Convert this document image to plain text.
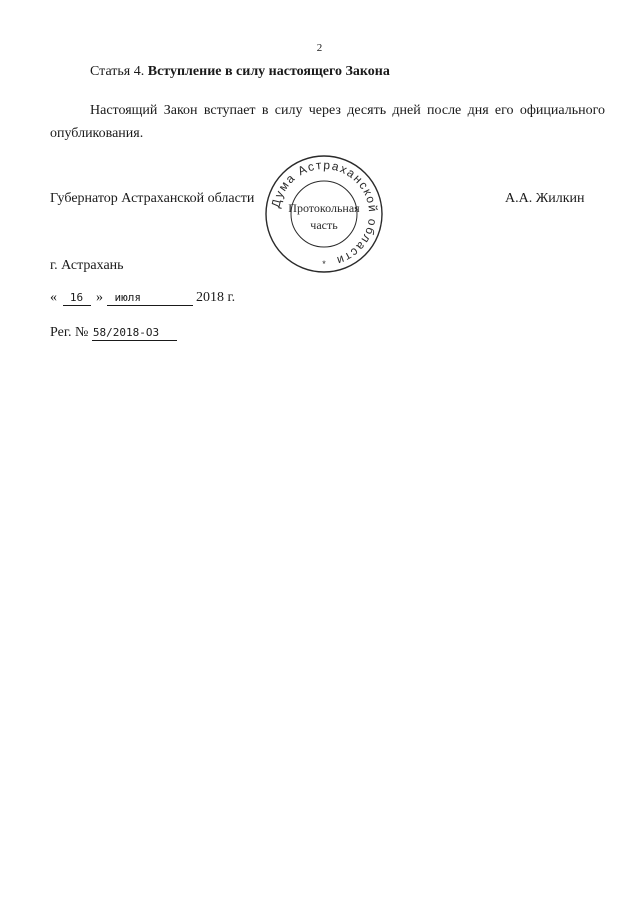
2
Статья 4. Вступление в силу настоящего Закона
Настоящий Закон вступает в силу через десять дней после дня его официального опубликования.
Губернатор Астраханской области	А.А. Жилкин
Дума Астраханской области
*
Протокольная
часть
г. Астрахань
« 16 » июля	2018 г.
Рег. № 58/2018-ОЗ
